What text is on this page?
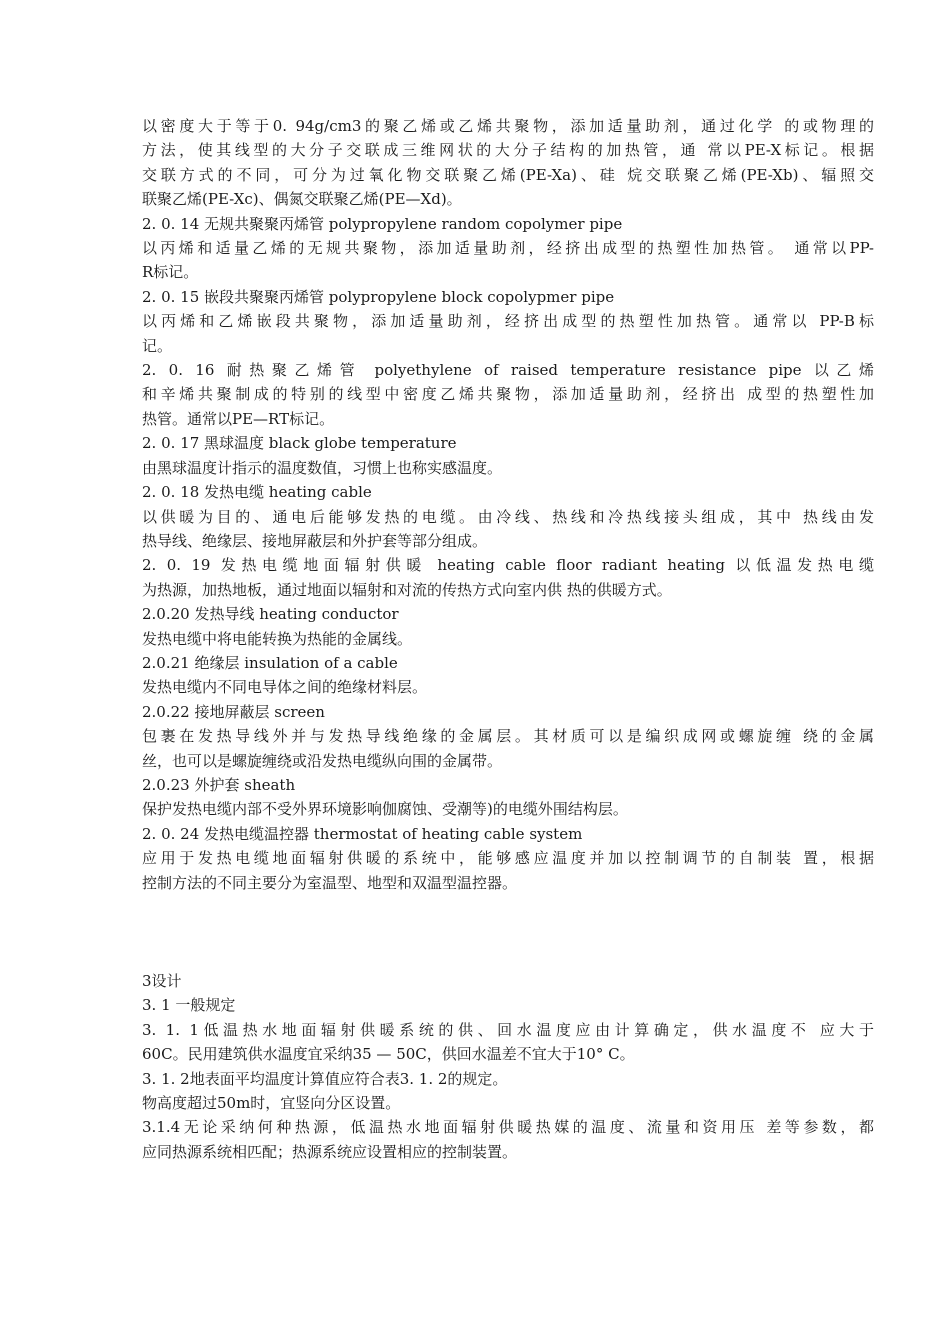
以密度大于等于0. 94g/cm3的聚乙烯或乙烯共聚物，添加适量助剂，通过化学 的或物理的
方法，使其线型的大分子交联成三维网状的大分子结构的加热管，通 常以PE-X标记。根据
交联方式的不同，可分为过氧化物交联聚乙烯(PE-Xa)、硅 烷交联聚乙烯(PE-Xb)、辐照交
联聚乙烯(PE-Xc)、偶氮交联聚乙烯(PE—Xd)。
2. 0. 14 无规共聚聚丙烯管 polypropylene random copolymer pipe
以丙烯和适量乙烯的无规共聚物，添加适量助剂，经挤出成型的热塑性加热管。 通常以PP-
R标记。
2. 0. 15 嵌段共聚聚丙烯管 polypropylene block copolypmer pipe
以丙烯和乙烯嵌段共聚物，添加适量助剂，经挤出成型的热塑性加热管。通常以 PP-B标
记。
2. 0. 16 耐热聚乙烯管 polyethylene of raised temperature resistance pipe 以乙烯
和辛烯共聚制成的特别的线型中密度乙烯共聚物，添加适量助剂，经挤出 成型的热塑性加
热管。通常以PE—RT标记。
2. 0. 17 黑球温度 black globe temperature
由黑球温度计指示的温度数值，习惯上也称实感温度。
2. 0. 18 发热电缆 heating cable
以供暖为目的、通电后能够发热的电缆。由冷线、热线和冷热线接头组成，其中 热线由发
热导线、绝缘层、接地屏蔽层和外护套等部分组成。
2. 0. 19 发热电缆地面辐射供暖 heating cable floor radiant heating 以低温发热电缆
为热源，加热地板，通过地面以辐射和对流的传热方式向室内供 热的供暖方式。
2.0.20 发热导线 heating conductor
发热电缆中将电能转换为热能的金属线。
2.0.21 绝缘层 insulation of a cable
发热电缆内不同电导体之间的绝缘材料层。
2.0.22 接地屏蔽层 screen
包裹在发热导线外并与发热导线绝缘的金属层。其材质可以是编织成网或螺旋缠 绕的金属
丝，也可以是螺旋缠绕或沿发热电缆纵向围的金属带。
2.0.23 外护套 sheath
保护发热电缆内部不受外界环境影响伽腐蚀、受潮等)的电缆外围结构层。
2. 0. 24 发热电缆温控器 thermostat of heating cable system
应用于发热电缆地面辐射供暖的系统中，能够感应温度并加以控制调节的自制装 置，根据
控制方法的不同主要分为室温型、地型和双温型温控器。
3设计
3. 1 一般规定
3. 1. 1低温热水地面辐射供暖系统的供、回水温度应由计算确定，供水温度不 应大于
60C。民用建筑供水温度宜采纳35 — 50C，供回水温差不宜大于10° C。
3. 1. 2地表面平均温度计算值应符合表3. 1. 2的规定。
物高度超过50m时，宜竖向分区设置。
3.1.4无论采纳何种热源，低温热水地面辐射供暖热媒的温度、流量和资用压 差等参数，都
应同热源系统相匹配；热源系统应设置相应的控制装置。
